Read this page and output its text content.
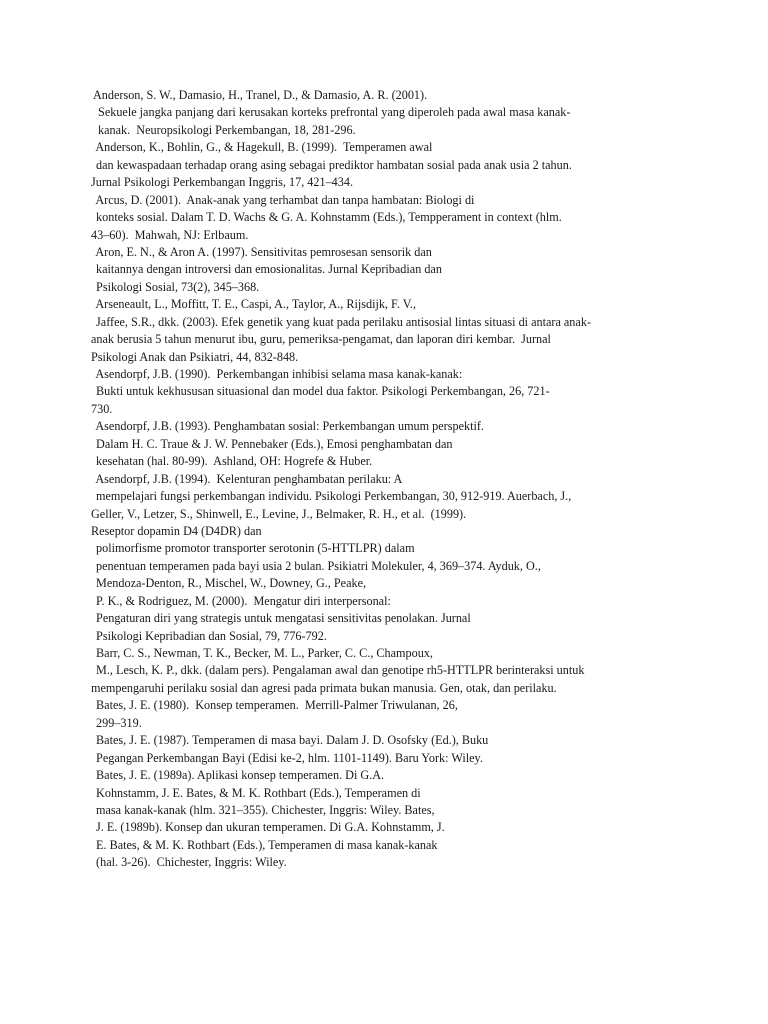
Anderson, S. W., Damasio, H., Tranel, D., & Damasio, A. R. (2001).
Sekuele jangka panjang dari kerusakan korteks prefrontal yang diperoleh pada awal masa kanak-
kanak.  Neuropsikologi Perkembangan, 18, 281-296.
Anderson, K., Bohlin, G., & Hagekull, B. (1999).  Temperamen awal
dan kewaspadaan terhadap orang asing sebagai prediktor hambatan sosial pada anak usia 2 tahun.
Jurnal Psikologi Perkembangan Inggris, 17, 421–434.
Arcus, D. (2001).  Anak-anak yang terhambat dan tanpa hambatan: Biologi di
konteks sosial. Dalam T. D. Wachs & G. A. Kohnstamm (Eds.), Tempperament in context (hlm.
43–60).  Mahwah, NJ: Erlbaum.
Aron, E. N., & Aron A. (1997). Sensitivitas pemrosesan sensorik dan
kaitannya dengan introversi dan emosionalitas. Jurnal Kepribadian dan
Psikologi Sosial, 73(2), 345–368.
Arseneault, L., Moffitt, T. E., Caspi, A., Taylor, A., Rijsdijk, F. V.,
Jaffee, S.R., dkk. (2003). Efek genetik yang kuat pada perilaku antisosial lintas situasi di antara anak-
anak berusia 5 tahun menurut ibu, guru, pemeriksa-pengamat, dan laporan diri kembar.  Jurnal
Psikologi Anak dan Psikiatri, 44, 832-848.
Asendorpf, J.B. (1990).  Perkembangan inhibisi selama masa kanak-kanak:
Bukti untuk kekhususan situasional dan model dua faktor. Psikologi Perkembangan, 26, 721-
730.
Asendorpf, J.B. (1993). Penghambatan sosial: Perkembangan umum perspektif.
Dalam H. C. Traue & J. W. Pennebaker (Eds.), Emosi penghambatan dan
kesehatan (hal. 80-99).  Ashland, OH: Hogrefe & Huber.
Asendorpf, J.B. (1994).  Kelenturan penghambatan perilaku: A
mempelajari fungsi perkembangan individu. Psikologi Perkembangan, 30, 912-919. Auerbach, J.,
Geller, V., Letzer, S., Shinwell, E., Levine, J., Belmaker, R. H., et al.  (1999).
Reseptor dopamin D4 (D4DR) dan
polimorfisme promotor transporter serotonin (5-HTTLPR) dalam
penentuan temperamen pada bayi usia 2 bulan. Psikiatri Molekuler, 4, 369–374. Ayduk, O.,
Mendoza-Denton, R., Mischel, W., Downey, G., Peake,
P. K., & Rodriguez, M. (2000).  Mengatur diri interpersonal:
Pengaturan diri yang strategis untuk mengatasi sensitivitas penolakan. Jurnal
Psikologi Kepribadian dan Sosial, 79, 776-792.
Barr, C. S., Newman, T. K., Becker, M. L., Parker, C. C., Champoux,
M., Lesch, K. P., dkk. (dalam pers). Pengalaman awal dan genotipe rh5-HTTLPR berinteraksi untuk
mempengaruhi perilaku sosial dan agresi pada primata bukan manusia. Gen, otak, dan perilaku.
Bates, J. E. (1980).  Konsep temperamen.  Merrill-Palmer Triwulanan, 26,
299–319.
Bates, J. E. (1987). Temperamen di masa bayi. Dalam J. D. Osofsky (Ed.), Buku
Pegangan Perkembangan Bayi (Edisi ke-2, hlm. 1101-1149). Baru York: Wiley.
Bates, J. E. (1989a). Aplikasi konsep temperamen. Di G.A.
Kohnstamm, J. E. Bates, & M. K. Rothbart (Eds.), Temperamen di
masa kanak-kanak (hlm. 321–355). Chichester, Inggris: Wiley. Bates,
J. E. (1989b). Konsep dan ukuran temperamen. Di G.A. Kohnstamm, J.
E. Bates, & M. K. Rothbart (Eds.), Temperamen di masa kanak-kanak
(hal. 3-26).  Chichester, Inggris: Wiley.
